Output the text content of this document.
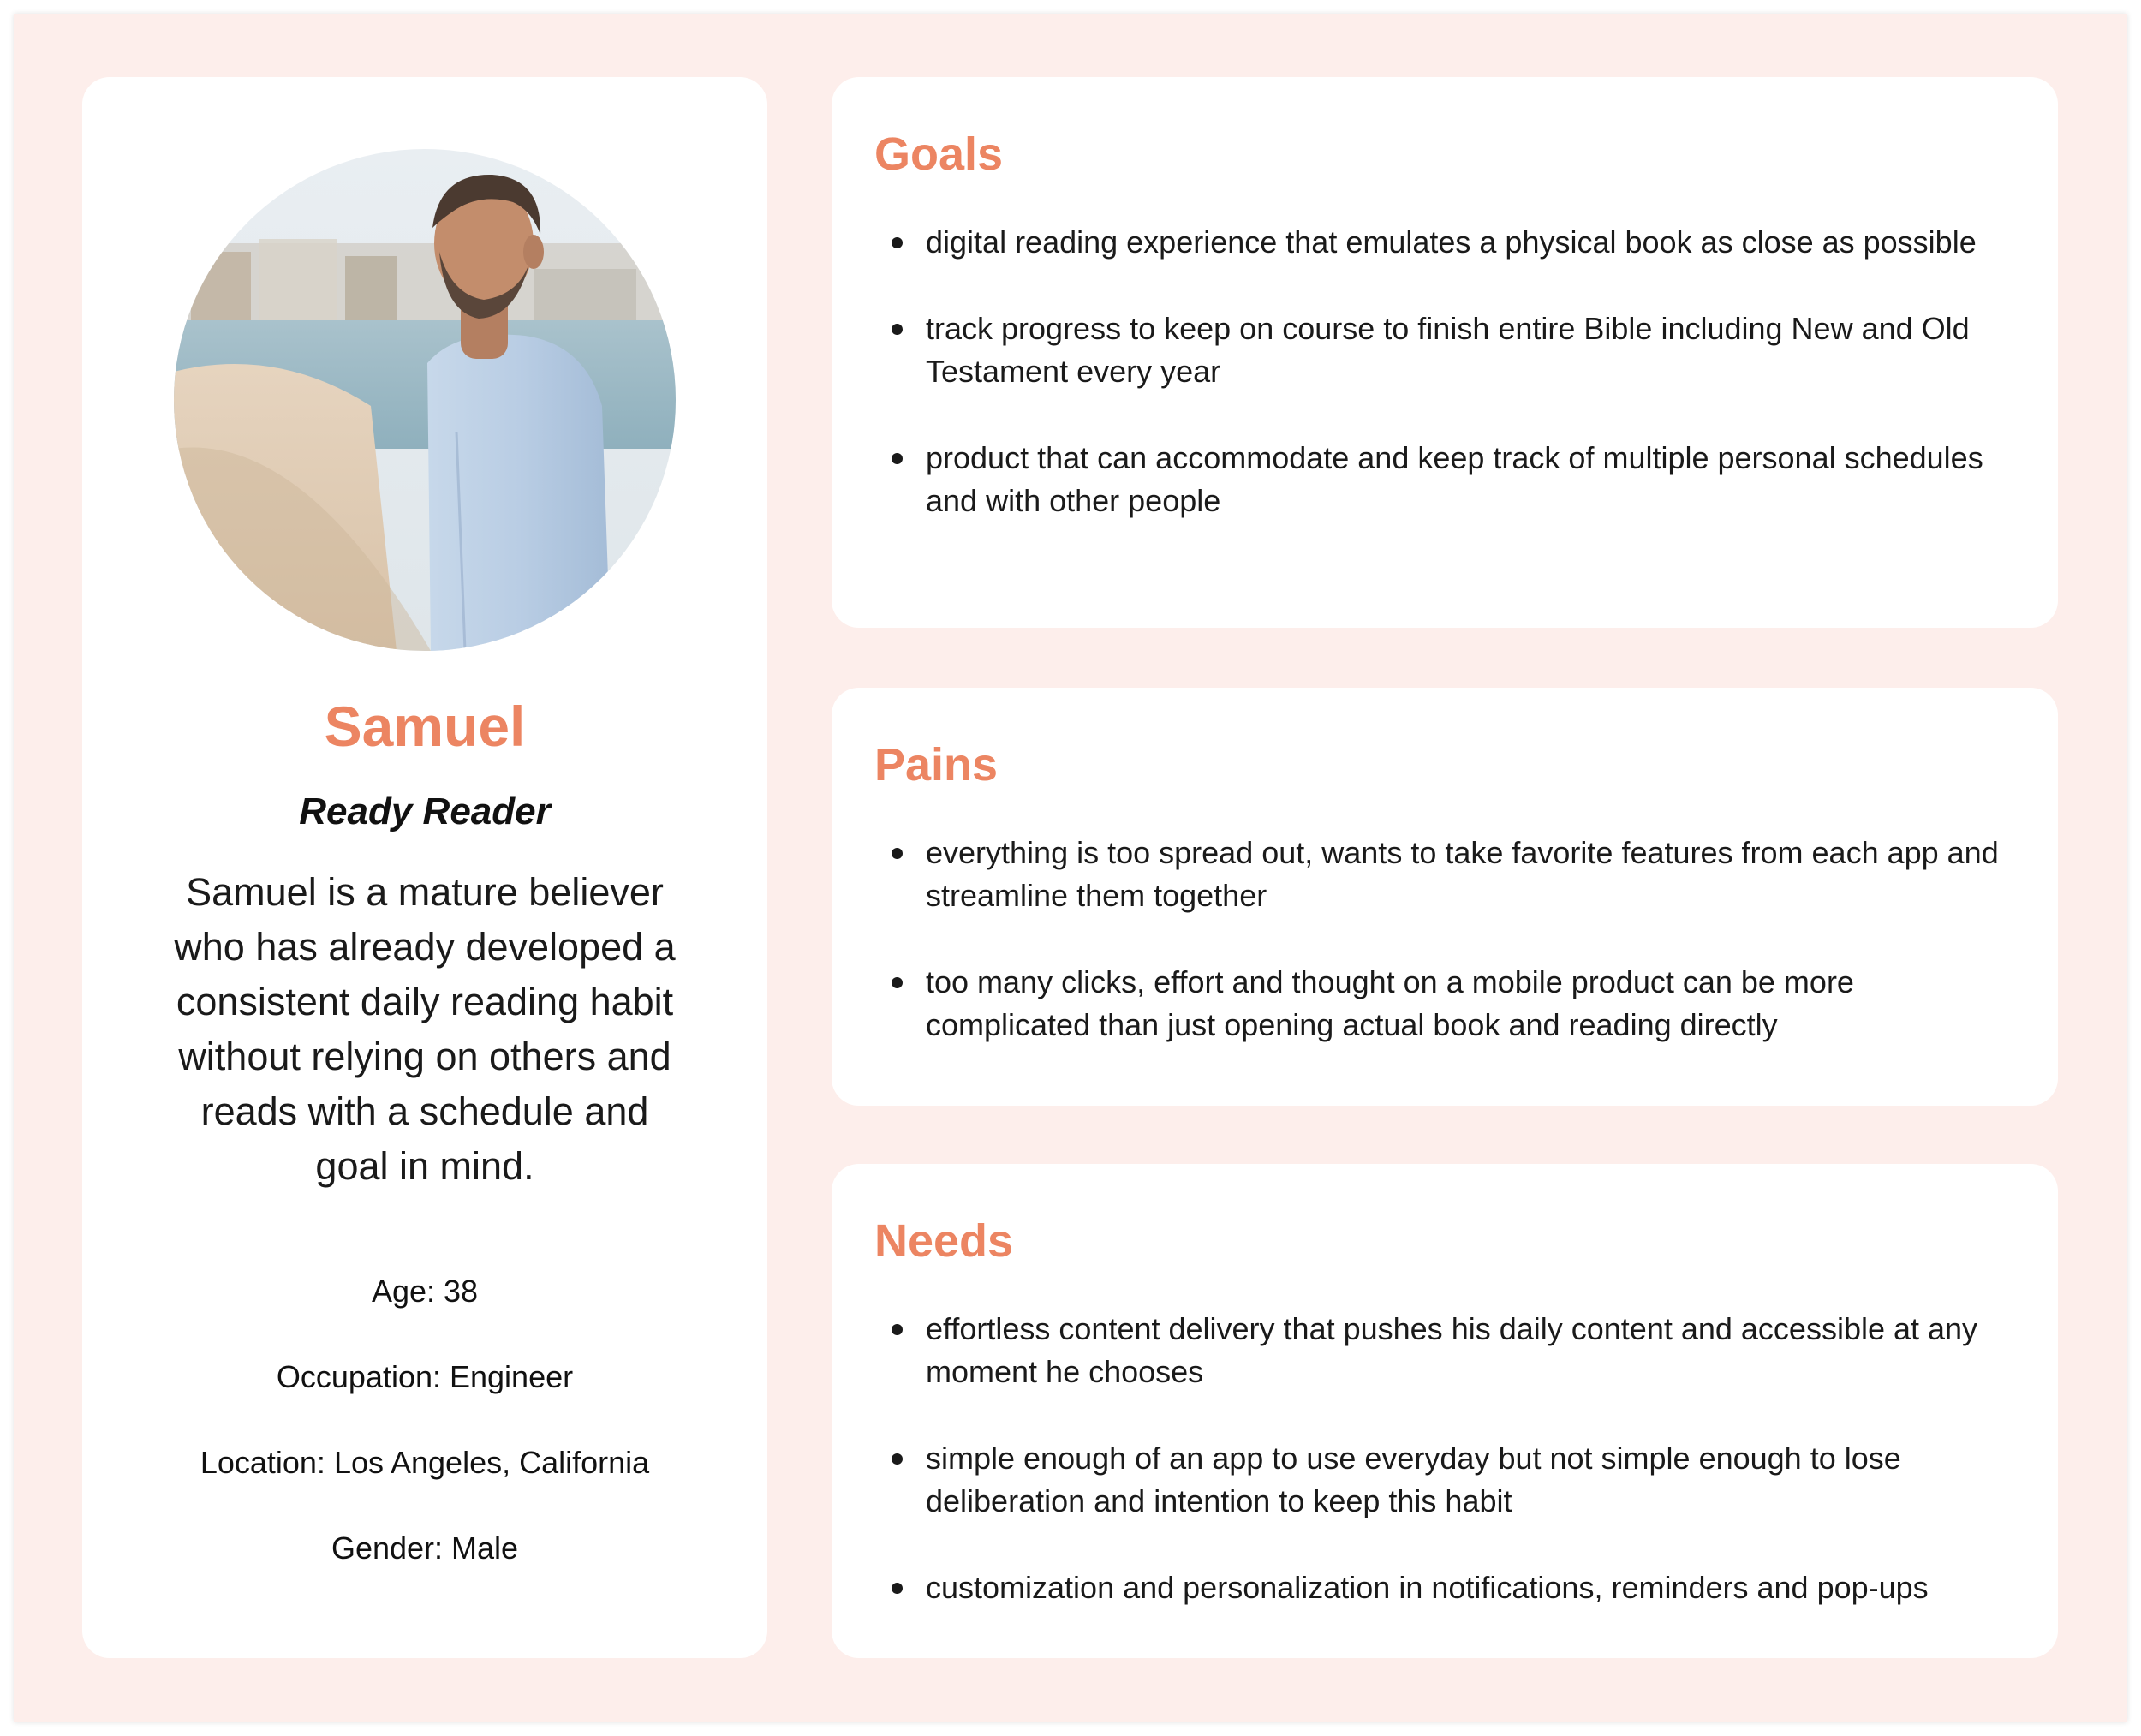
Samuel
Ready Reader
Samuel is a mature believer who has already developed a consistent daily reading habit without relying on others and reads with a schedule and goal in mind.
Age: 38
Occupation: Engineer
Location: Los Angeles, California
Gender: Male
Goals
digital reading experience that emulates a physical book as close as possible
track progress to keep on course to finish entire Bible including New and Old Testament every year
product that can accommodate and keep track of multiple personal schedules and with other people
Pains
everything is too spread out, wants to take favorite features from each app and streamline them together
too many clicks, effort and thought on a mobile product can be more complicated than just opening actual book and reading directly
Needs
effortless content delivery that pushes his daily content and accessible at any moment he chooses
simple enough of an app to use everyday but not simple enough to lose deliberation and intention to keep this habit
customization and personalization in notifications, reminders and pop-ups
